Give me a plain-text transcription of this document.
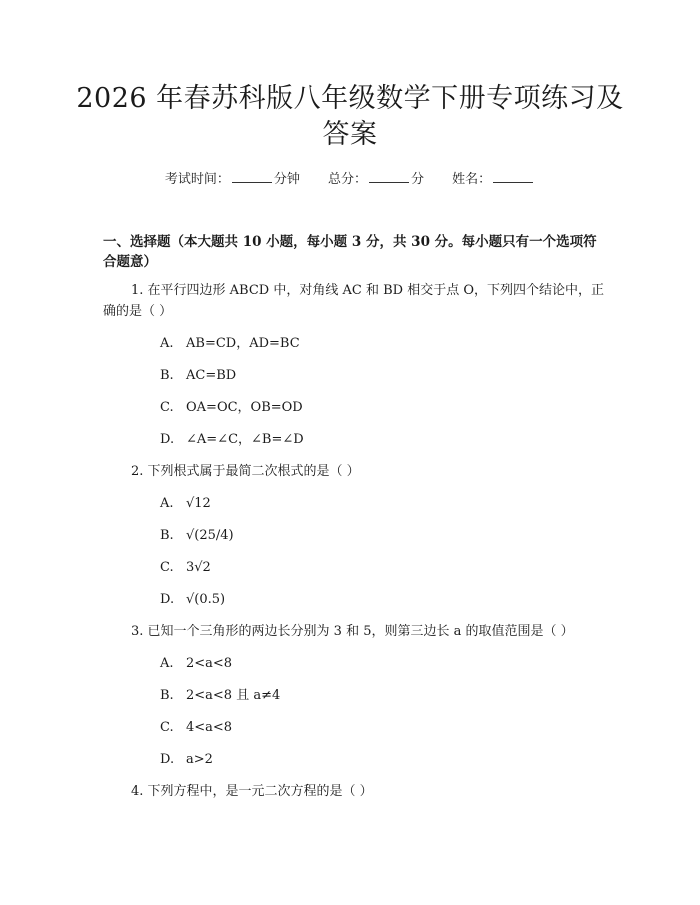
2026 年春苏科版八年级数学下册专项练习及
答案
考试时间：	分钟 总分：	分 姓名：
一、选择题（本大题共 10 小题，每小题 3 分，共 30 分。每小题只有一个选项符
合题意）
1. 在平行四边形 ABCD 中，对角线 AC 和 BD 相交于点 O，下列四个结论中，正
确的是（ ）
A. AB=CD，AD=BC
B. AC=BD
C. OA=OC，OB=OD
D. ∠A=∠C，∠B=∠D
2. 下列根式属于最简二次根式的是（ ）
A. √12
B. √(25/4)
C. 3√2
D. √(0.5)
3. 已知一个三角形的两边长分别为 3 和 5，则第三边长 a 的取值范围是（ ）
A. 2<a<8
B. 2<a<8 且 a≠4
C. 4<a<8
D. a>2
4. 下列方程中，是一元二次方程的是（ ）
